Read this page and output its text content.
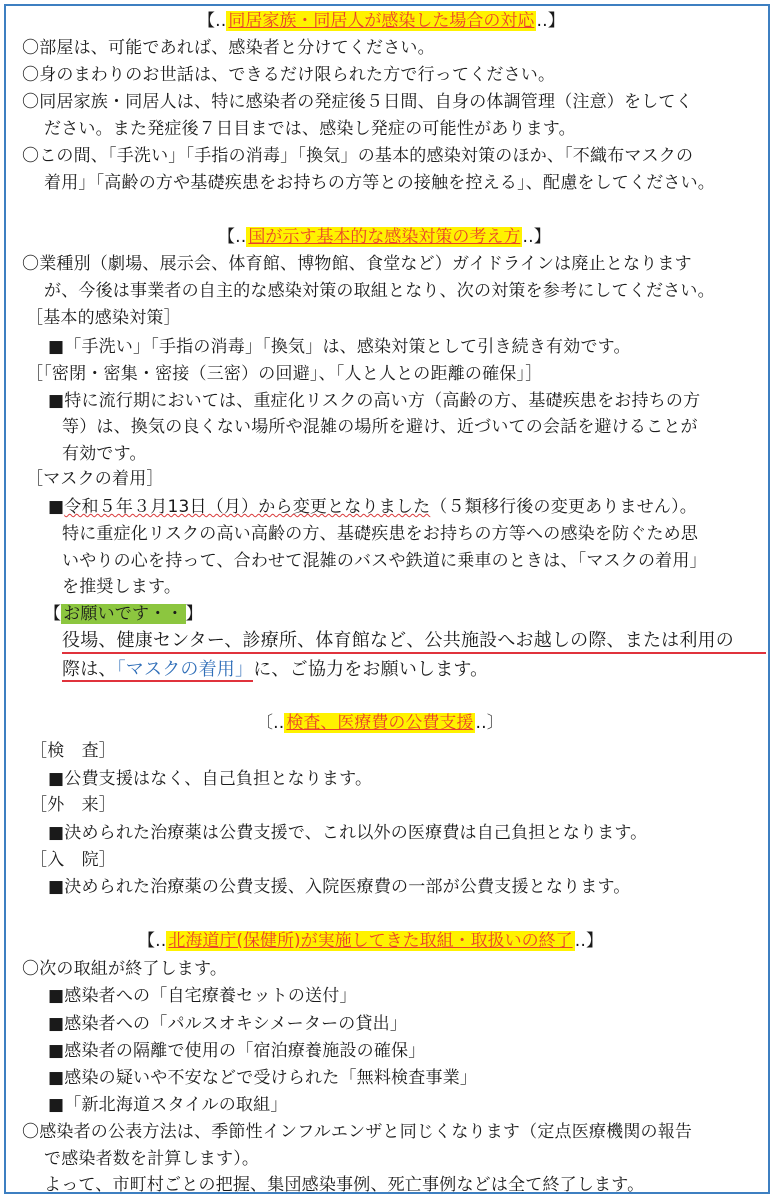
【‥ 同居家族・同居人が感染した場合の対応 ‥】
〇部屋は、可能であれば、感染者と分けてください。
〇身のまわりのお世話は、できるだけ限られた方で行ってください。
〇同居家族・同居人は、特に感染者の発症後５日間、自身の体調管理（注意）をしてく
ださい。また発症後７日目までは、感染し発症の可能性があります。
〇この間、「手洗い」「手指の消毒」「換気」の基本的感染対策のほか、「不織布マスクの
着用」「高齢の方や基礎疾患をお持ちの方等との接触を控える」、配慮をしてください。
【‥ 国が示す基本的な感染対策の考え方 ‥】
〇業種別（劇場、展示会、体育館、博物館、食堂など）ガイドラインは廃止となります
が、今後は事業者の自主的な感染対策の取組となり、次の対策を参考にしてください。
［基本的感染対策］
■「手洗い」「手指の消毒」「換気」は、感染対策として引き続き有効です。
［「密閉・密集・密接（三密）の回避」、「人と人との距離の確保」］
■特に流行期においては、重症化リスクの高い方（高齢の方、基礎疾患をお持ちの方
等）は、換気の良くない場所や混雑の場所を避け、近づいての会話を避けることが
有効です。
［マスクの着用］
■令和５年３月13日（月）から変更となりました（５類移行後の変更ありません）。
特に重症化リスクの高い高齢の方、基礎疾患をお持ちの方等への感染を防ぐため思
いやりの心を持って、合わせて混雑のバスや鉄道に乗車のときは、「マスクの着用」
を推奨します。
【 お願いです・・ 】
役場、健康センター、診療所、体育館など、公共施設へお越しの際、または利用の
際は、「マスクの着用」に、ご協力をお願いします。
〔‥ 検査、医療費の公費支援 ‥〕
［検　査］
■公費支援はなく、自己負担となります。
［外　来］
■決められた治療薬は公費支援で、これ以外の医療費は自己負担となります。
［入　院］
■決められた治療薬の公費支援、入院医療費の一部が公費支援となります。
【‥ 北海道庁(保健所)が実施してきた取組・取扱いの終了 ‥】
〇次の取組が終了します。
■感染者への「自宅療養セットの送付」
■感染者への「パルスオキシメーターの貸出」
■感染者の隔離で使用の「宿泊療養施設の確保」
■感染の疑いや不安などで受けられた「無料検査事業」
■「新北海道スタイルの取組」
〇感染者の公表方法は、季節性インフルエンザと同じくなります（定点医療機関の報告
で感染者数を計算します）。
よって、市町村ごとの把握、集団感染事例、死亡事例などは全て終了します。
